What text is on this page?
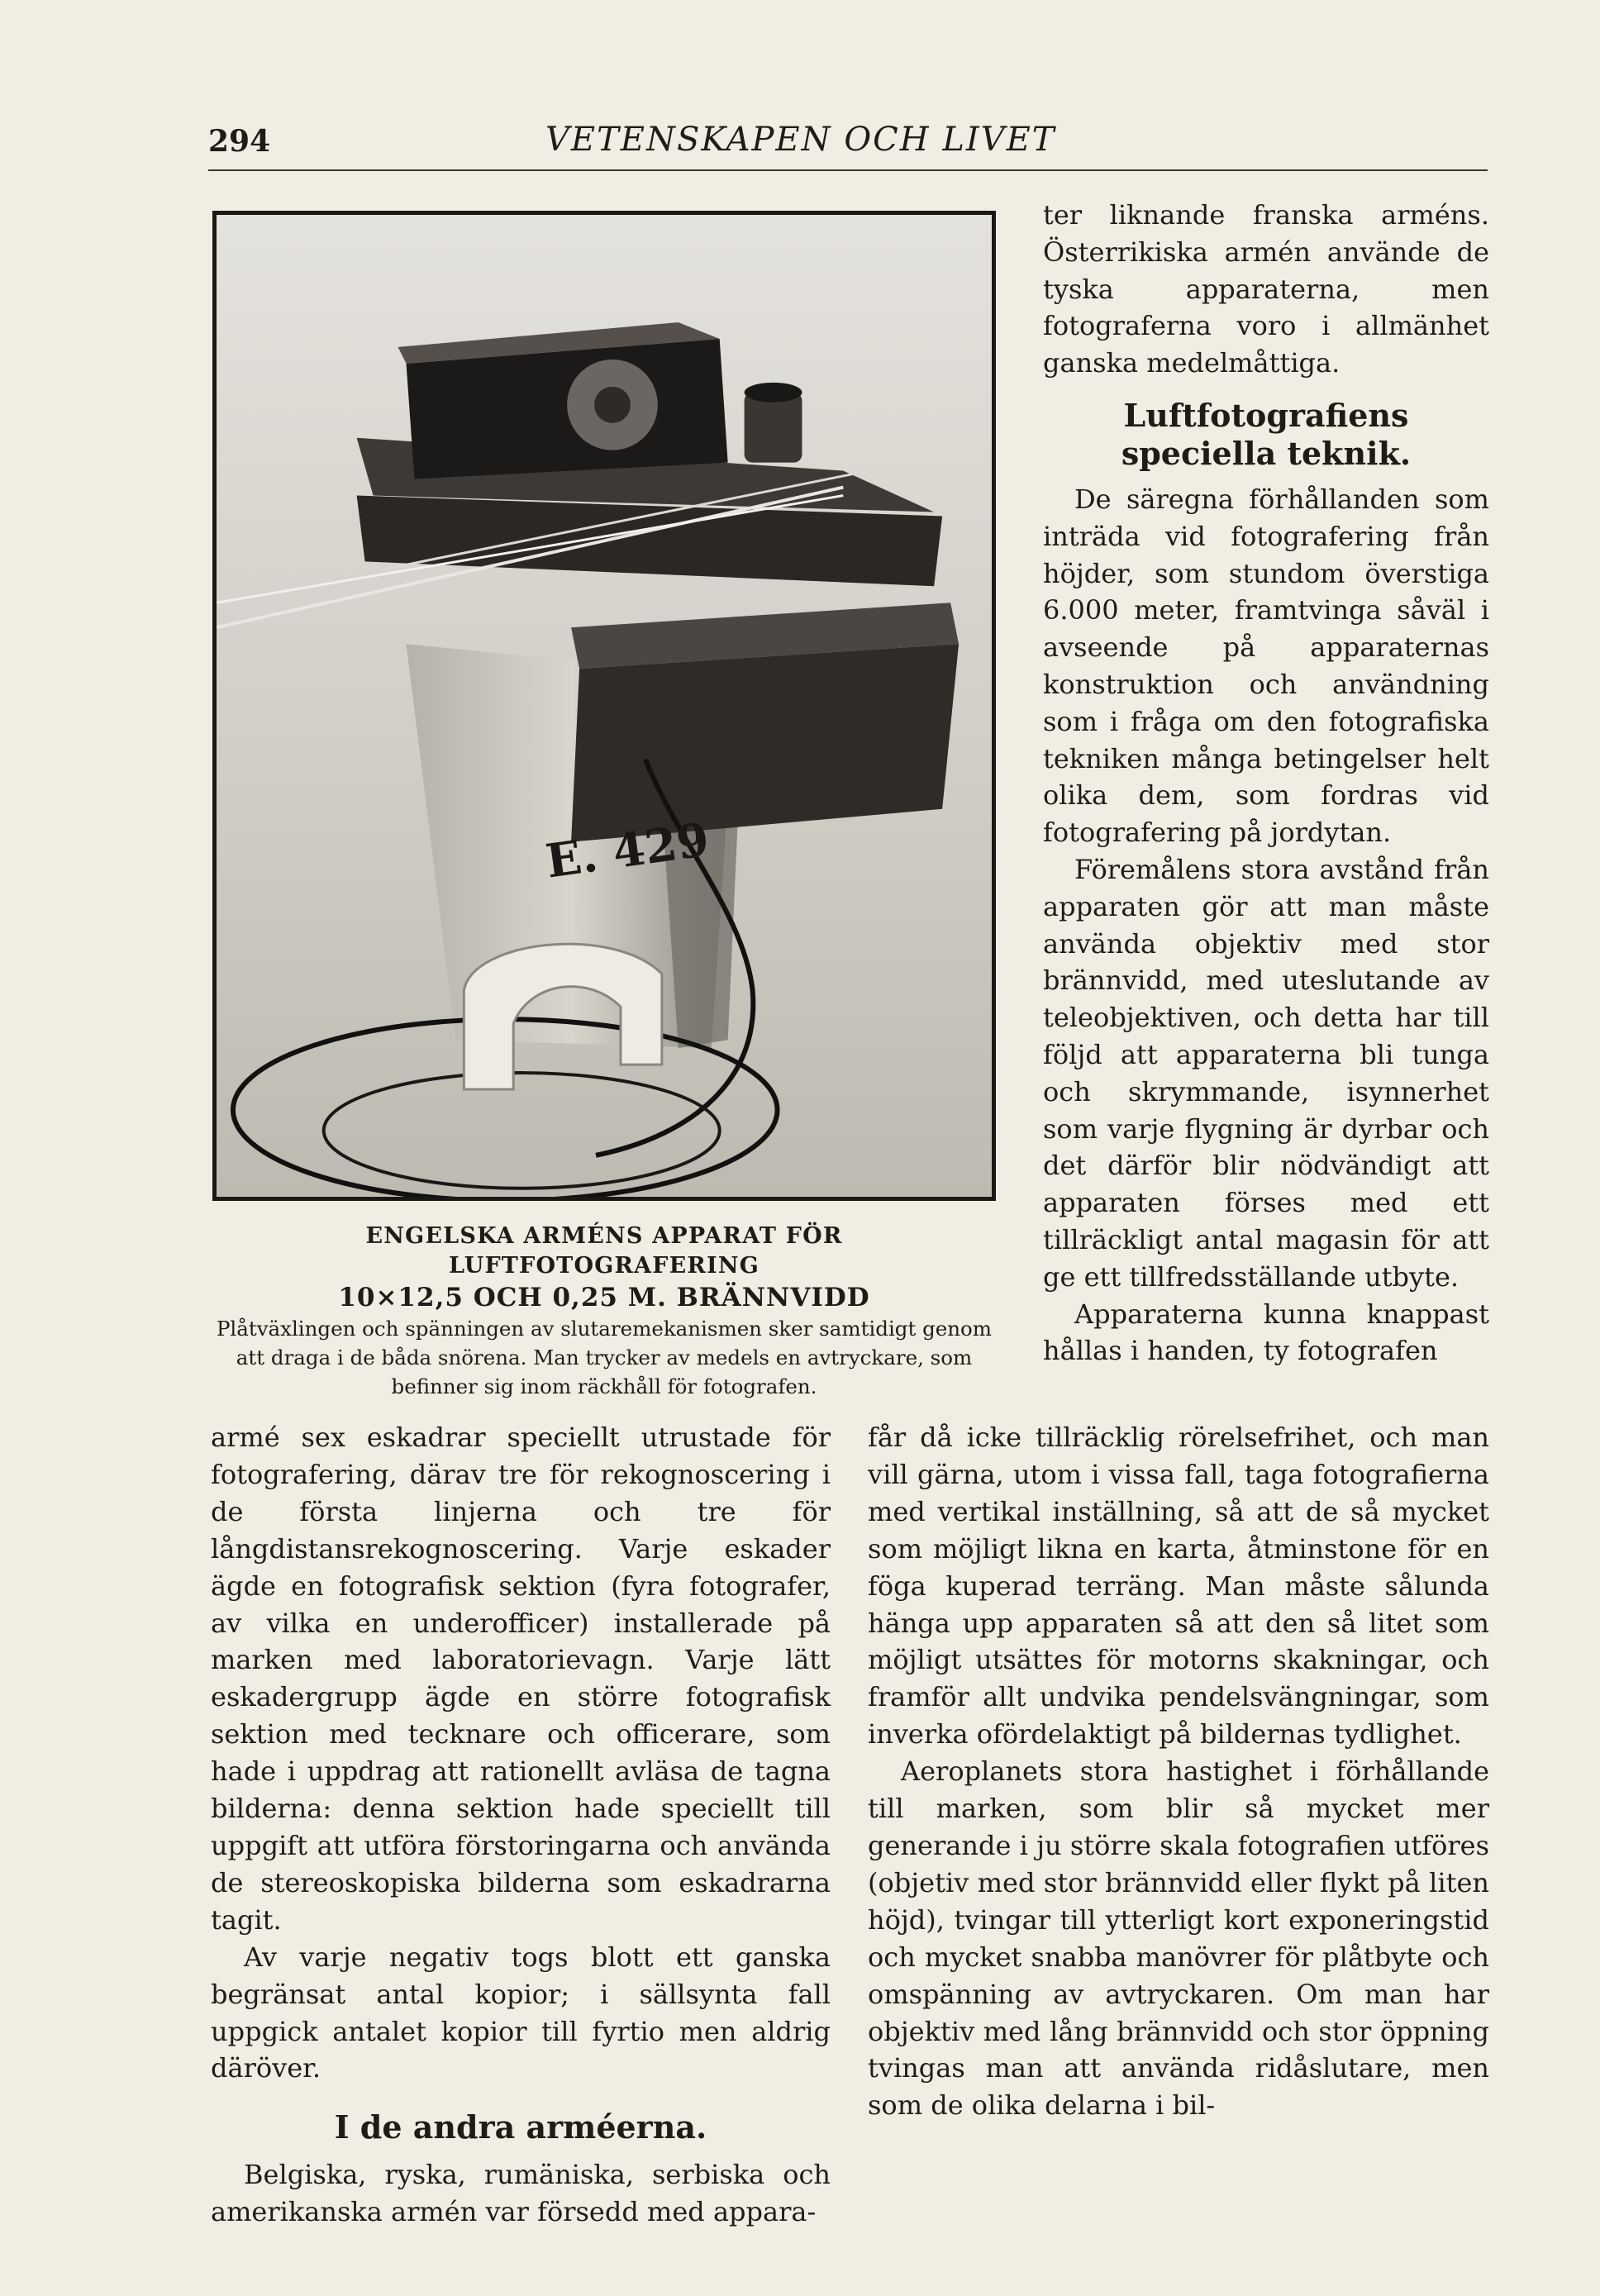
294	VETENSKAPEN OCH LIVET
E. 429
ENGELSKA ARMÉNS APPARAT FÖR LUFTFOTOGRAFERING
10×12,5 OCH 0,25 M. BRÄNNVIDD
Plåtväxlingen och spänningen av slutaremekanismen sker samtidigt genom att draga i de båda snörena. Man trycker av medels en avtryckare, som befinner sig inom räckhåll för fotografen.

ter liknande franska arméns. Österrikiska armén använde de tyska apparaterna, men fotograferna voro i allmänhet ganska medelmåttiga.

Luftfotografiens speciella teknik.

De säregna förhållanden som inträda vid fotografering från höjder, som stundom överstiga 6.000 meter, framtvinga såväl i avseende på apparaternas konstruktion och användning som i fråga om den fotografiska tekniken många betingelser helt olika dem, som fordras vid fotografering på jordytan.

Föremålens stora avstånd från apparaten gör att man måste använda objektiv med stor brännvidd, med uteslutande av teleobjektiven, och detta har till följd att apparaterna bli tunga och skrymmande, isynnerhet som varje flygning är dyrbar och det därför blir nödvändigt att apparaten förses med ett tillräckligt antal magasin för att ge ett tillfredsställande utbyte.

Apparaterna kunna knappast hållas i handen, ty fotografen

armé sex eskadrar speciellt utrustade för fotografering, därav tre för rekognoscering i de första linjerna och tre för långdistansrekognoscering. Varje eskader ägde en fotografisk sektion (fyra fotografer, av vilka en underofficer) installerade på marken med laboratorievagn. Varje lätt eskadergrupp ägde en större fotografisk sektion med tecknare och officerare, som hade i uppdrag att rationellt avläsa de tagna bilderna: denna sektion hade speciellt till uppgift att utföra förstoringarna och använda de stereoskopiska bilderna som eskadrarna tagit.

Av varje negativ togs blott ett ganska begränsat antal kopior; i sällsynta fall uppgick antalet kopior till fyrtio men aldrig däröver.

I de andra arméerna.

Belgiska, ryska, rumäniska, serbiska och amerikanska armén var försedd med appara-

får då icke tillräcklig rörelsefrihet, och man vill gärna, utom i vissa fall, taga fotografierna med vertikal inställning, så att de så mycket som möjligt likna en karta, åtminstone för en föga kuperad terräng. Man måste sålunda hänga upp apparaten så att den så litet som möjligt utsättes för motorns skakningar, och framför allt undvika pendelsvängningar, som inverka ofördelaktigt på bildernas tydlighet.

Aeroplanets stora hastighet i förhållande till marken, som blir så mycket mer generande i ju större skala fotografien utföres (objetiv med stor brännvidd eller flykt på liten höjd), tvingar till ytterligt kort exponeringstid och mycket snabba manövrer för plåtbyte och omspänning av avtryckaren. Om man har objektiv med lång brännvidd och stor öppning tvingas man att använda ridåslutare, men som de olika delarna i bil-
